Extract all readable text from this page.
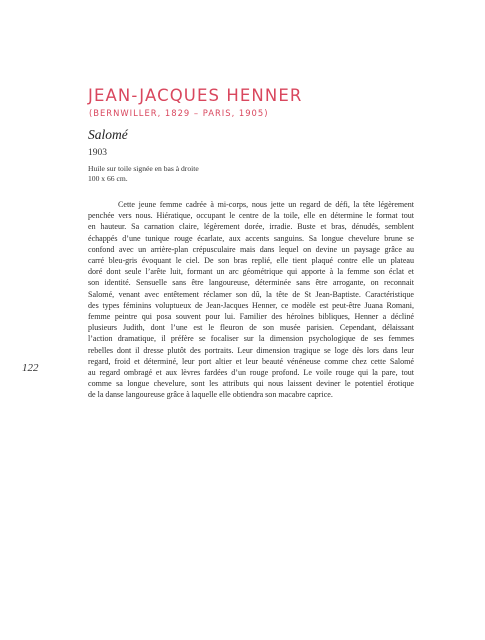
JEAN-JACQUES HENNER
(BERNWILLER, 1829 – PARIS, 1905)
Salomé
1903
Huile sur toile signée en bas à droite
100 x 66 cm.
Cette jeune femme cadrée à mi-corps, nous jette un regard de défi, la tête légèrement
penchée vers nous. Hiératique, occupant le centre de la toile, elle en détermine le format tout
en hauteur. Sa carnation claire, légèrement dorée, irradie. Buste et bras, dénudés, semblent
échappés d’une tunique rouge écarlate, aux accents sanguins. Sa longue chevelure brune se
confond avec un arrière-plan crépusculaire mais dans lequel on devine un paysage grâce au
carré bleu-gris évoquant le ciel. De son bras replié, elle tient plaqué contre elle un plateau
doré dont seule l’arête luit, formant un arc géométrique qui apporte à la femme son éclat et
son identité. Sensuelle sans être langoureuse, déterminée sans être arrogante, on reconnait
Salomé, venant avec entêtement réclamer son dû, la tête de St Jean-Baptiste. Caractéristique
des types féminins voluptueux de Jean-Jacques Henner, ce modèle est peut-être Juana Romani,
femme peintre qui posa souvent pour lui. Familier des héroïnes bibliques, Henner a décliné
plusieurs Judith, dont l’une est le fleuron de son musée parisien. Cependant, délaissant
l’action dramatique, il préfère se focaliser sur la dimension psychologique de ses femmes
rebelles dont il dresse plutôt des portraits. Leur dimension tragique se loge dès lors dans leur
regard, froid et déterminé, leur port altier et leur beauté vénéneuse comme chez cette Salomé
au regard ombragé et aux lèvres fardées d’un rouge profond. Le voile rouge qui la pare, tout
comme sa longue chevelure, sont les attributs qui nous laissent deviner le potentiel érotique
de la danse langoureuse grâce à laquelle elle obtiendra son macabre caprice.
122
